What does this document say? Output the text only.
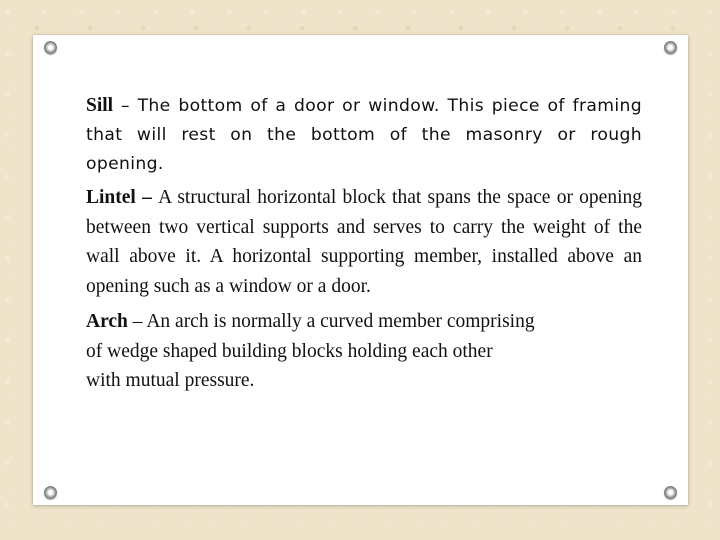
Sill – The bottom of a door or window. This piece of framing that will rest on the bottom of the masonry or rough opening.

Lintel – A structural horizontal block that spans the space or opening between two vertical supports and serves to carry the weight of the wall above it. A horizontal supporting member, installed above an opening such as a window or a door.

Arch – An arch is normally a curved member comprising
of wedge shaped building blocks holding each other
with mutual pressure.
